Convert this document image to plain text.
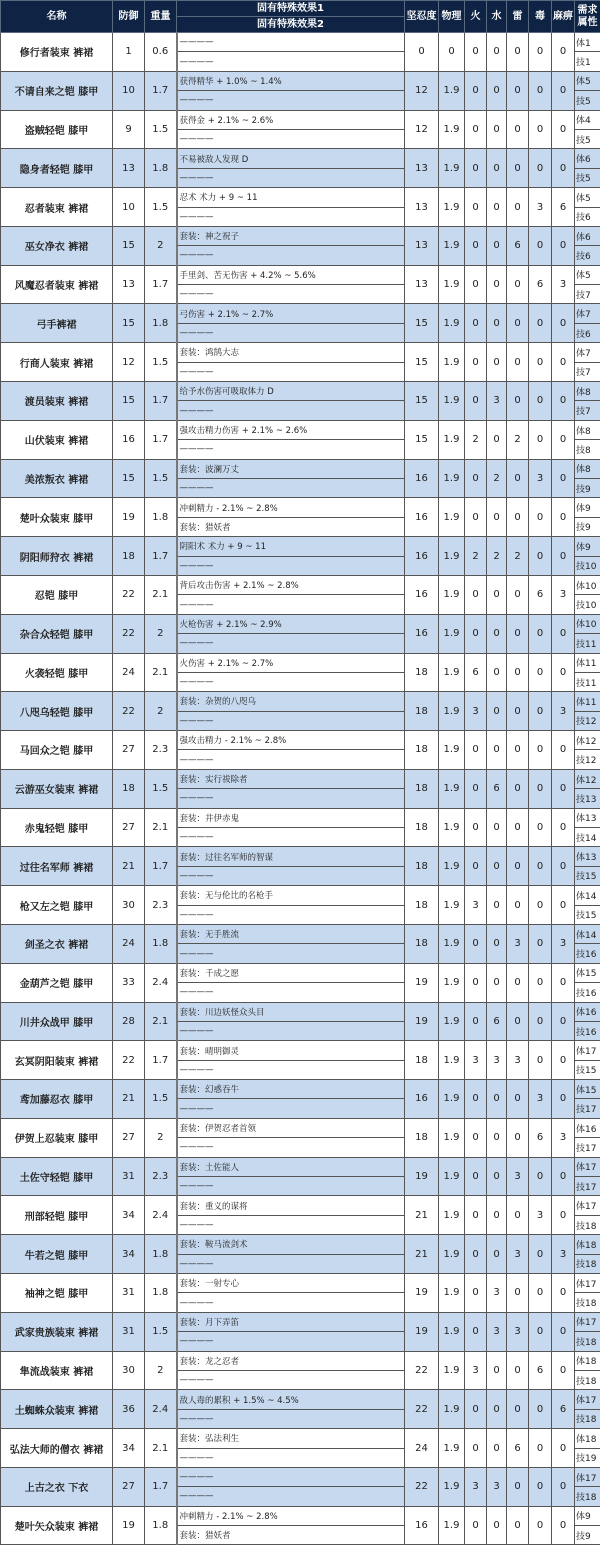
名称	防御	重量	固有特殊效果1	坚忍度	物理	火	水	雷	毒	麻痹	需求属性
			固有特殊效果2								
修行者装束 裤裙	1	0.6	————	0	0	0	0	0	0	0	体1
			————								技1
不请自来之铠 膝甲	10	1.7	获得精华 + 1.0% ~ 1.4%	12	1.9	0	0	0	0	0	体5
			————								技5
盗贼轻铠 膝甲	9	1.5	获得金 + 2.1% ~ 2.6%	12	1.9	0	0	0	0	0	体4
			————								技5
隐身者轻铠 膝甲	13	1.8	不易被敌人发现 D	13	1.9	0	0	0	0	0	体6
			————								技5
忍者装束 裤裙	10	1.5	忍术 术力 + 9 ~ 11	13	1.9	0	0	0	3	6	体5
			————								技6
巫女净衣 裤裙	15	2	套装：神之祝子	13	1.9	0	0	6	0	0	体6
			————								技6
风魔忍者装束 裤裙	13	1.7	手里剑、苦无伤害 + 4.2% ~ 5.6%	13	1.9	0	0	0	6	3	体5
			————								技7
弓手裤裙	15	1.8	弓伤害 + 2.1% ~ 2.7%	15	1.9	0	0	0	0	0	体7
			————								技6
行商人装束 裤裙	12	1.5	套装：鸿鹄大志	15	1.9	0	0	0	0	0	体7
			————								技7
渡员装束 裤裙	15	1.7	给予水伤害可吸取体力 D	15	1.9	0	3	0	0	0	体8
			————								技7
山伏装束 裤裙	16	1.7	强攻击精力伤害 + 2.1% ~ 2.6%	15	1.9	2	0	2	0	0	体8
			————								技8
美浓叛衣 裤裙	15	1.5	套装：波澜万丈	16	1.9	0	2	0	3	0	体8
			————								技9
楚叶众装束 膝甲	19	1.8	冲刺精力 - 2.1% ~ 2.8%	16	1.9	0	0	0	0	0	体9
			套装：猎妖者								技9
阴阳师狩衣 裤裙	18	1.7	阴阳术 术力 + 9 ~ 11	16	1.9	2	2	2	0	0	体9
			————								技10
忍铠 膝甲	22	2.1	背后攻击伤害 + 2.1% ~ 2.8%	16	1.9	0	0	0	6	3	体10
			————								技10
杂合众轻铠 膝甲	22	2	火枪伤害 + 2.1% ~ 2.9%	16	1.9	0	0	0	0	0	体10
			————								技11
火袭轻铠 膝甲	24	2.1	火伤害 + 2.1% ~ 2.7%	18	1.9	6	0	0	0	0	体11
			————								技11
八咫乌轻铠 膝甲	22	2	套装：杂贺的八咫乌	18	1.9	3	0	0	0	3	体11
			————								技12
马回众之铠 膝甲	27	2.3	强攻击精力 - 2.1% ~ 2.8%	18	1.9	0	0	0	0	0	体12
			————								技12
云游巫女装束 裤裙	18	1.5	套装：实行祓除者	18	1.9	0	6	0	0	0	体12
			————								技13
赤鬼轻铠 膝甲	27	2.1	套装：井伊赤鬼	18	1.9	0	0	0	0	0	体13
			————								技14
过往名军师 裤裙	21	1.7	套装：过往名军师的智谋	18	1.9	0	0	0	0	0	体13
			————								技15
枪又左之铠 膝甲	30	2.3	套装：无与伦比的名枪手	18	1.9	3	0	0	0	0	体14
			————								技15
剑圣之衣 裤裙	24	1.8	套装：无手胜流	18	1.9	0	0	3	0	3	体14
			————								技16
金葫芦之铠 膝甲	33	2.4	套装：千成之愿	19	1.9	0	0	0	0	0	体15
			————								技16
川井众战甲 膝甲	28	2.1	套装：川边妖怪众头目	19	1.9	0	6	0	0	0	体16
			————								技16
玄冥阴阳装束 裤裙	22	1.7	套装：晴明御灵	18	1.9	3	3	3	0	0	体17
			————								技15
鸢加藤忍衣 膝甲	21	1.5	套装：幻惑吞牛	16	1.9	0	0	0	3	0	体15
			————								技17
伊贺上忍装束 膝甲	27	2	套装：伊贺忍者首领	18	1.9	0	0	0	6	3	体16
			————								技17
土佐守轻铠 膝甲	31	2.3	套装：土佐能人	19	1.9	0	0	3	0	0	体17
			————								技17
刑部轻铠 膝甲	34	2.4	套装：重义的谋将	21	1.9	0	0	0	3	0	体17
			————								技18
牛若之铠 膝甲	34	1.8	套装：鞍马流剑术	21	1.9	0	0	3	0	3	体18
			————								技18
袖神之铠 膝甲	31	1.8	套装：一射专心	19	1.9	0	3	0	0	0	体17
			————								技18
武家贵族装束 裤裙	31	1.5	套装：月下弄笛	19	1.9	0	3	3	0	0	体17
			————								技18
隼流战装束 裤裙	30	2	套装：龙之忍者	22	1.9	3	0	0	6	0	体18
			————								技18
土蜘蛛众装束 裤裙	36	2.4	敌人毒的累积 + 1.5% ~ 4.5%	22	1.9	0	0	0	0	6	体17
			————								技18
弘法大师的僧衣 裤裙	34	2.1	套装：弘法利生	24	1.9	0	0	6	0	0	体18
			————								技19
上古之衣 下衣	27	1.7	————	22	1.9	3	3	0	0	0	体17
			————								技18
楚叶矢众装束 裤裙	19	1.8	冲刺精力 - 2.1% ~ 2.8%	16	1.9	0	0	0	0	0	体9
			套装：猎妖者								技9
